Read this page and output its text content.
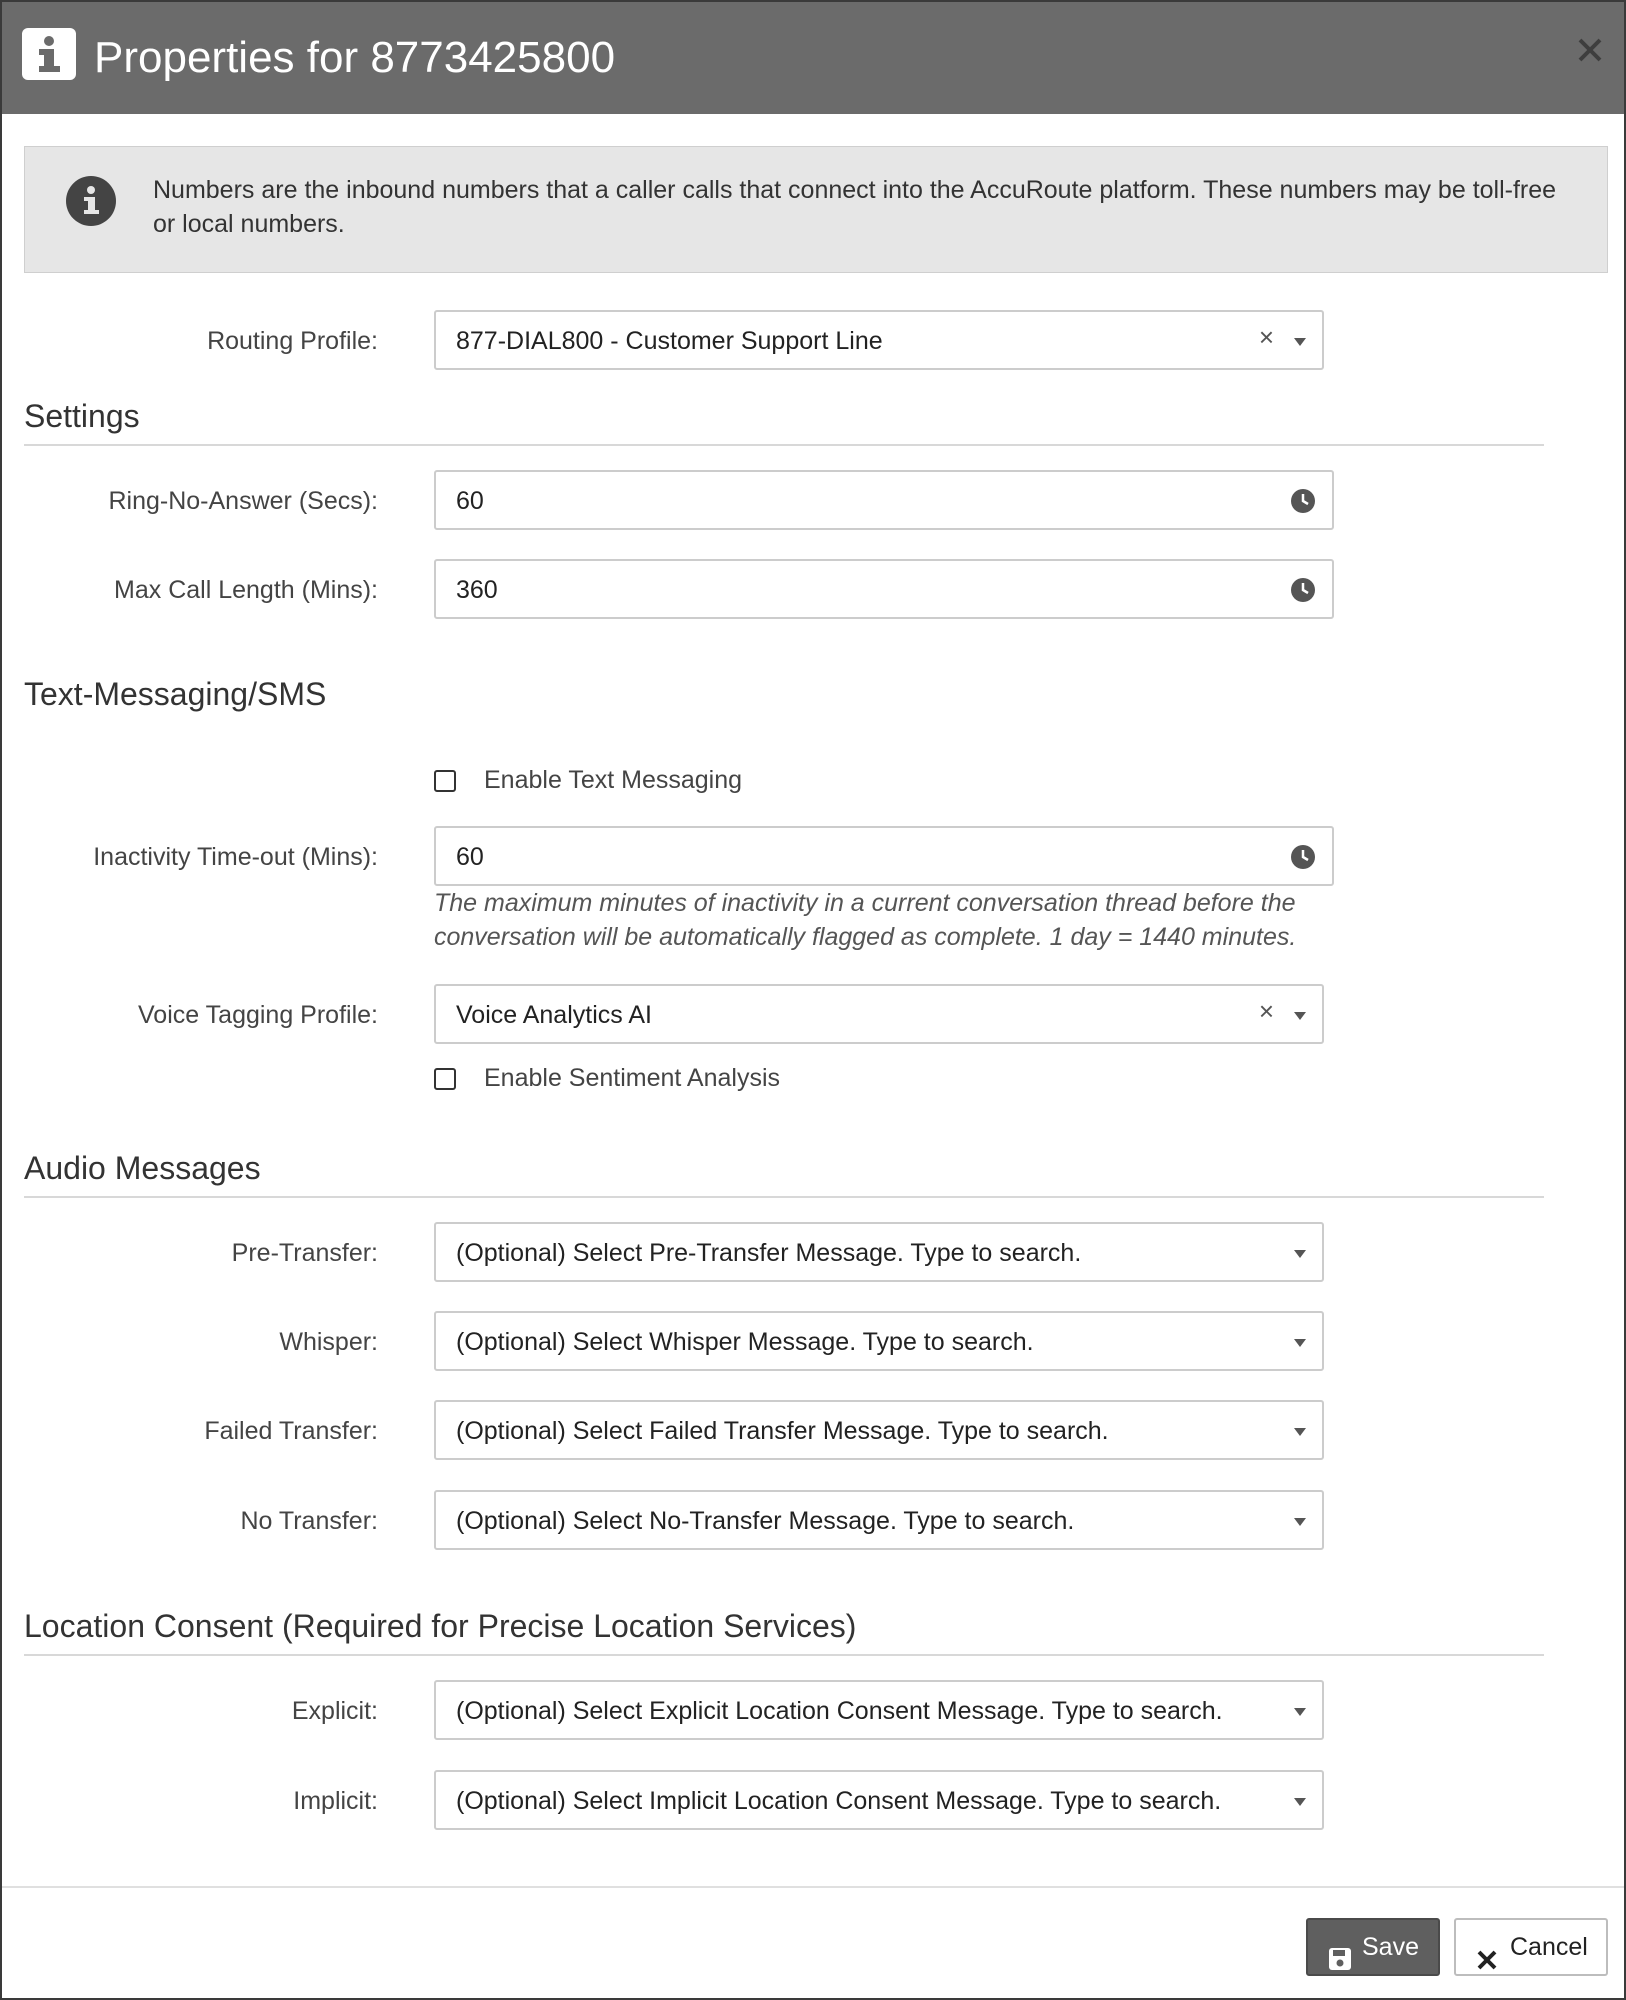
Properties for 8773425800
Numbers are the inbound numbers that a caller calls that connect into the AccuRoute platform. These numbers may be toll-free or local numbers.
Routing Profile:	877-DIAL800 - Customer Support Line	×
Settings
Ring-No-Answer (Secs):	60
Max Call Length (Mins):	360
Text-Messaging/SMS
Enable Text Messaging
Inactivity Time-out (Mins):	60
The maximum minutes of inactivity in a current conversation thread before the conversation will be automatically flagged as complete. 1 day = 1440 minutes.
Voice Tagging Profile:	Voice Analytics AI	×
Enable Sentiment Analysis
Audio Messages
Pre-Transfer:	(Optional) Select Pre-Transfer Message. Type to search.
Whisper:	(Optional) Select Whisper Message. Type to search.
Failed Transfer:	(Optional) Select Failed Transfer Message. Type to search.
No Transfer:	(Optional) Select No-Transfer Message. Type to search.
Location Consent (Required for Precise Location Services)
Explicit:	(Optional) Select Explicit Location Consent Message. Type to search.
Implicit:	(Optional) Select Implicit Location Consent Message. Type to search.
Save	Cancel
